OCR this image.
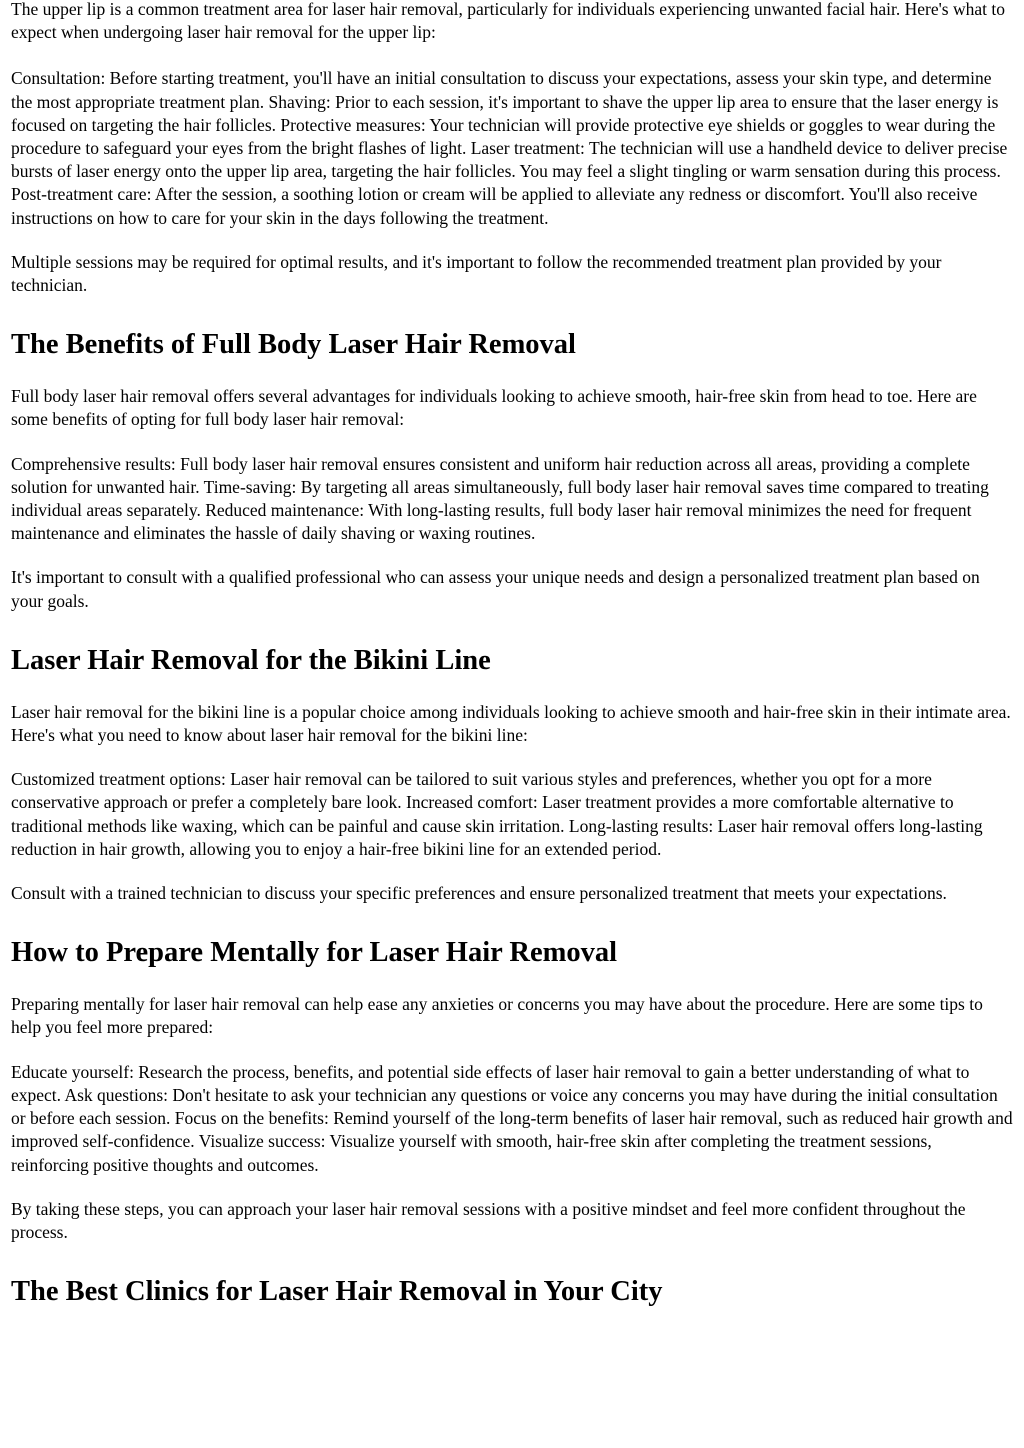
The upper lip is a common treatment area for laser hair removal, particularly for individuals experiencing unwanted facial hair. Here's what to expect when undergoing laser hair removal for the upper lip:

Consultation: Before starting treatment, you'll have an initial consultation to discuss your expectations, assess your skin type, and determine the most appropriate treatment plan. Shaving: Prior to each session, it's important to shave the upper lip area to ensure that the laser energy is focused on targeting the hair follicles. Protective measures: Your technician will provide protective eye shields or goggles to wear during the procedure to safeguard your eyes from the bright flashes of light. Laser treatment: The technician will use a handheld device to deliver precise bursts of laser energy onto the upper lip area, targeting the hair follicles. You may feel a slight tingling or warm sensation during this process. Post-treatment care: After the session, a soothing lotion or cream will be applied to alleviate any redness or discomfort. You'll also receive instructions on how to care for your skin in the days following the treatment.

Multiple sessions may be required for optimal results, and it's important to follow the recommended treatment plan provided by your technician.

The Benefits of Full Body Laser Hair Removal

Full body laser hair removal offers several advantages for individuals looking to achieve smooth, hair-free skin from head to toe. Here are some benefits of opting for full body laser hair removal:

Comprehensive results: Full body laser hair removal ensures consistent and uniform hair reduction across all areas, providing a complete solution for unwanted hair. Time-saving: By targeting all areas simultaneously, full body laser hair removal saves time compared to treating individual areas separately. Reduced maintenance: With long-lasting results, full body laser hair removal minimizes the need for frequent maintenance and eliminates the hassle of daily shaving or waxing routines.

It's important to consult with a qualified professional who can assess your unique needs and design a personalized treatment plan based on your goals.

Laser Hair Removal for the Bikini Line

Laser hair removal for the bikini line is a popular choice among individuals looking to achieve smooth and hair-free skin in their intimate area. Here's what you need to know about laser hair removal for the bikini line:

Customized treatment options: Laser hair removal can be tailored to suit various styles and preferences, whether you opt for a more conservative approach or prefer a completely bare look. Increased comfort: Laser treatment provides a more comfortable alternative to traditional methods like waxing, which can be painful and cause skin irritation. Long-lasting results: Laser hair removal offers long-lasting reduction in hair growth, allowing you to enjoy a hair-free bikini line for an extended period.

Consult with a trained technician to discuss your specific preferences and ensure personalized treatment that meets your expectations.

How to Prepare Mentally for Laser Hair Removal

Preparing mentally for laser hair removal can help ease any anxieties or concerns you may have about the procedure. Here are some tips to help you feel more prepared:

Educate yourself: Research the process, benefits, and potential side effects of laser hair removal to gain a better understanding of what to expect. Ask questions: Don't hesitate to ask your technician any questions or voice any concerns you may have during the initial consultation or before each session. Focus on the benefits: Remind yourself of the long-term benefits of laser hair removal, such as reduced hair growth and improved self-confidence. Visualize success: Visualize yourself with smooth, hair-free skin after completing the treatment sessions, reinforcing positive thoughts and outcomes.

By taking these steps, you can approach your laser hair removal sessions with a positive mindset and feel more confident throughout the process.

The Best Clinics for Laser Hair Removal in Your City
